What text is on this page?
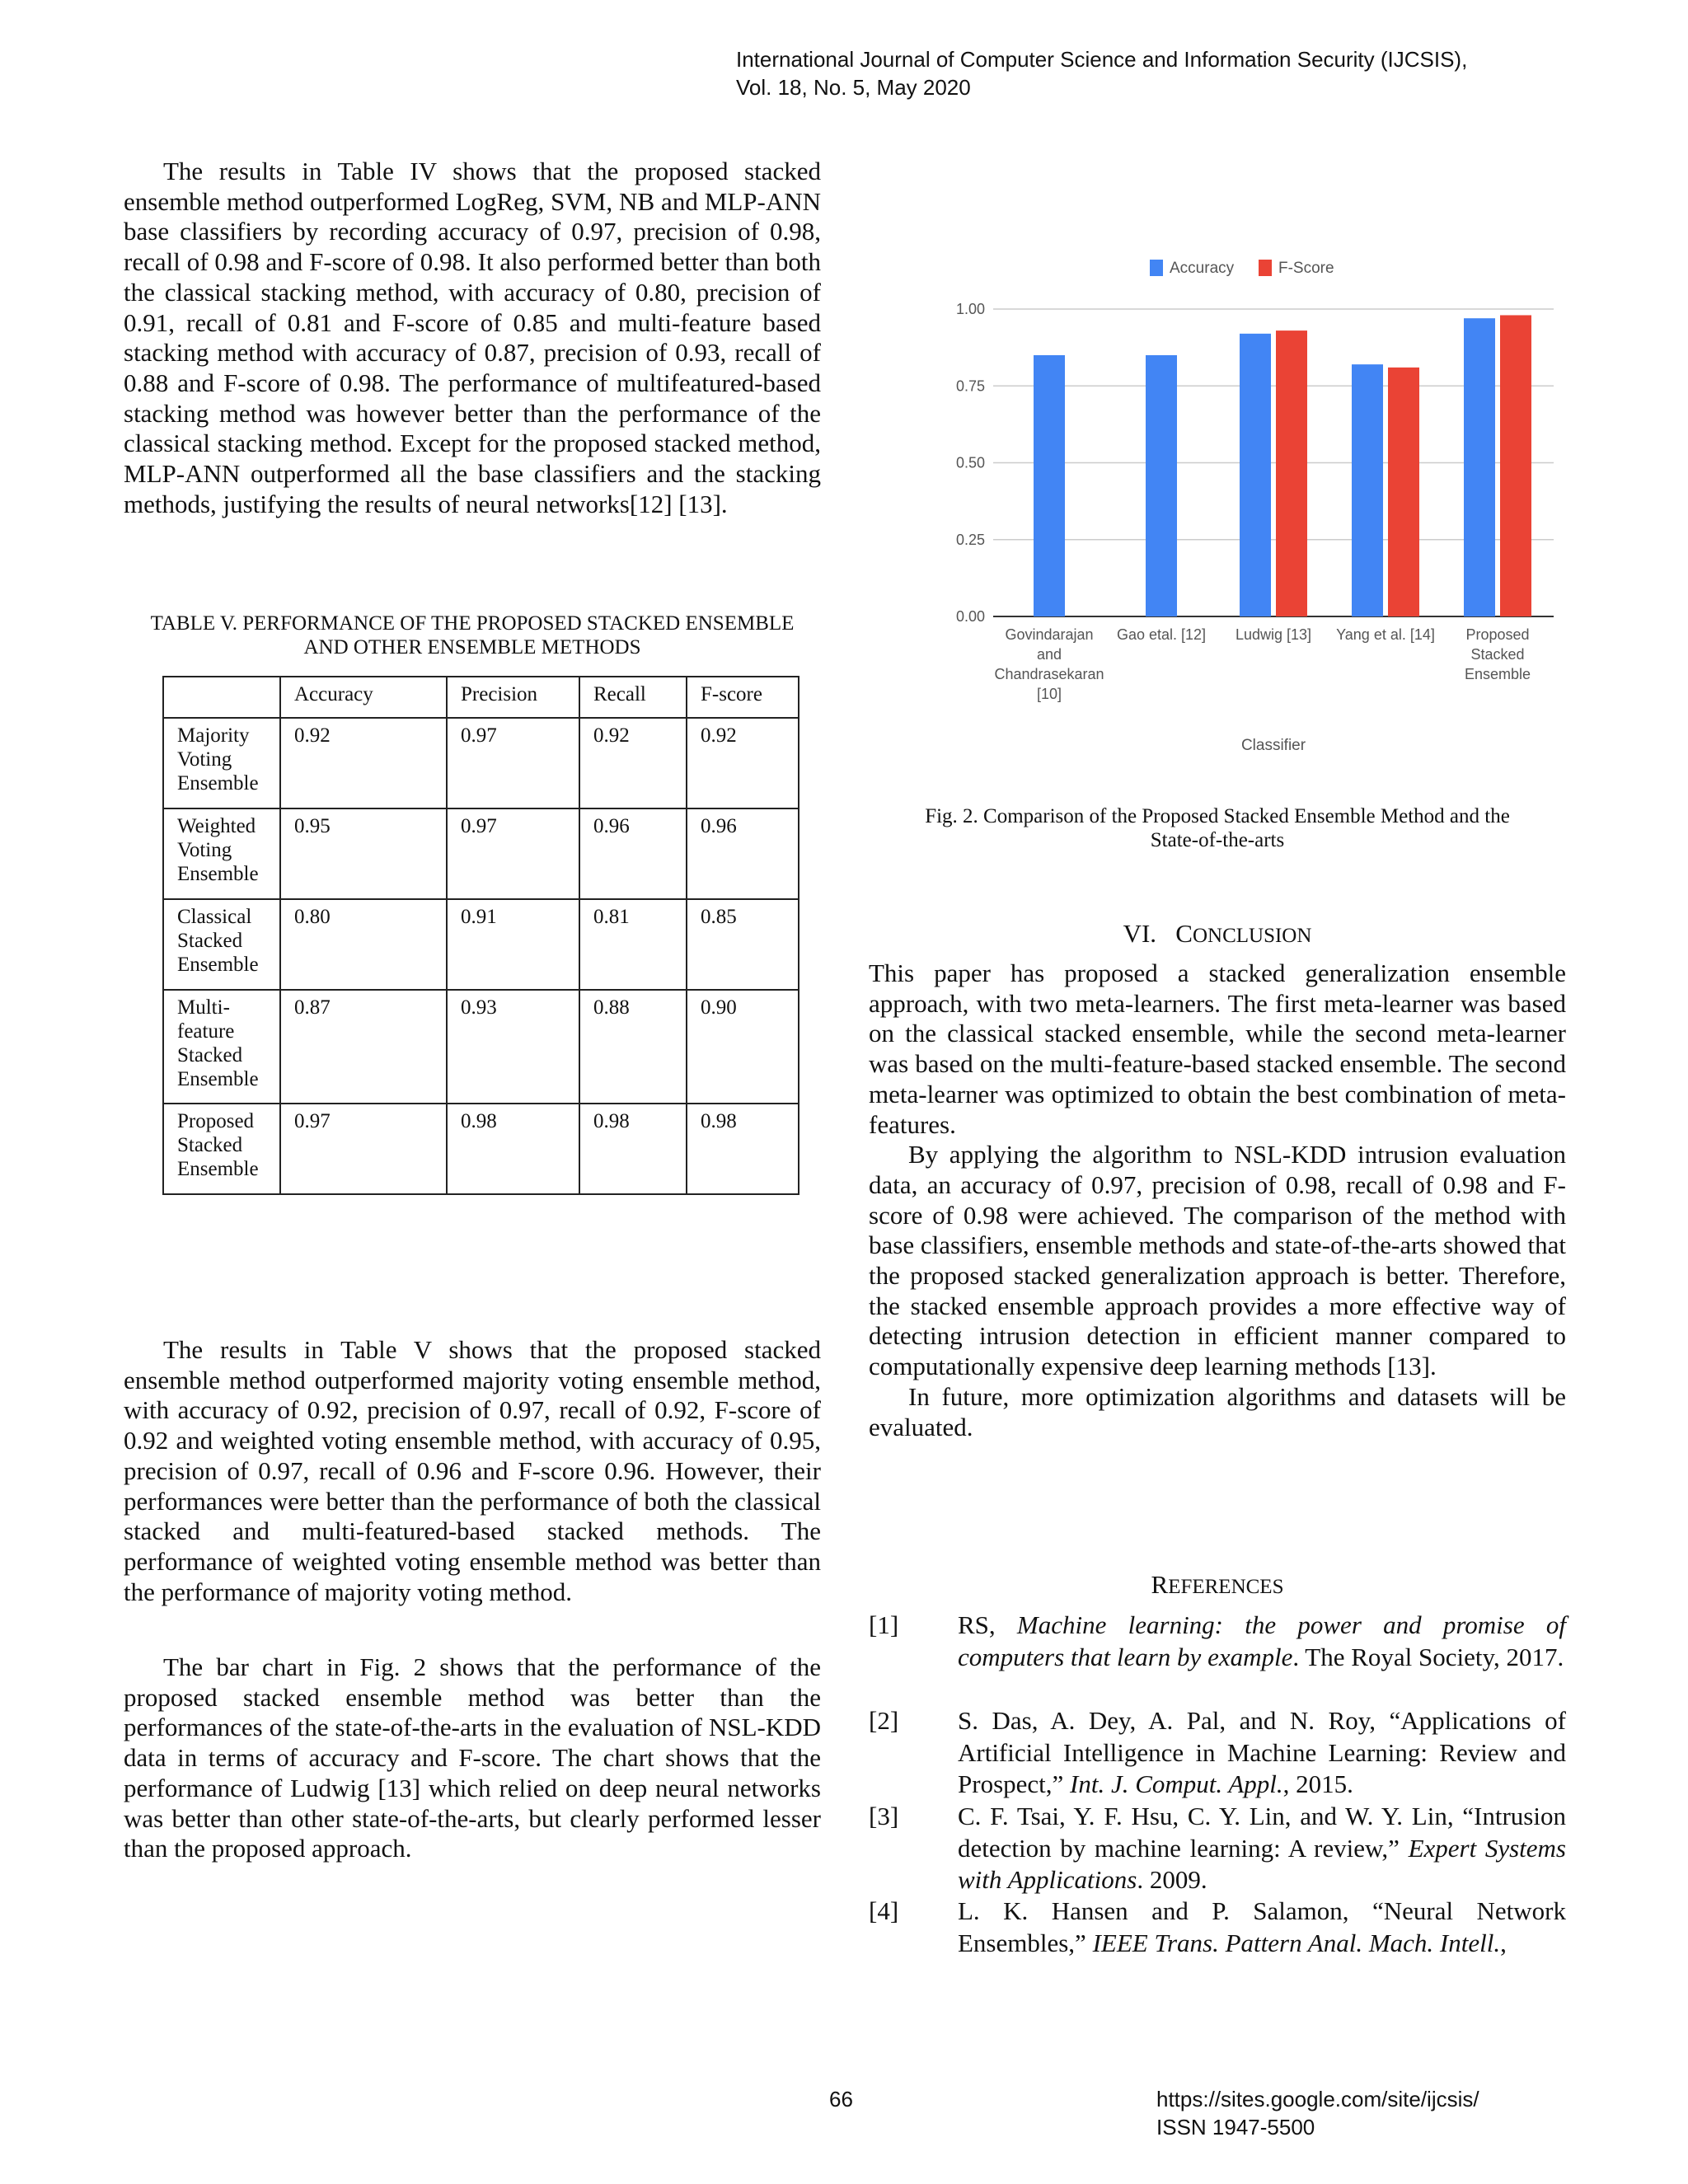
International Journal of Computer Science and Information Security (IJCSIS),
Vol. 18, No. 5, May 2020

The results in Table IV shows that the proposed stacked ensemble method outperformed LogReg, SVM, NB and MLP-ANN base classifiers by recording accuracy of 0.97, precision of 0.98, recall of 0.98 and F-score of 0.98. It also performed better than both the classical stacking method, with accuracy of 0.80, precision of 0.91, recall of 0.81 and F-score of 0.85 and multi-feature based stacking method with accuracy of 0.87, precision of 0.93, recall of 0.88 and F-score of 0.98. The performance of multifeatured-based stacking method was however better than the performance of the classical stacking method. Except for the proposed stacked method, MLP-ANN outperformed all the base classifiers and the stacking methods, justifying the results of neural networks[12] [13].

TABLE V. PERFORMANCE OF THE PROPOSED STACKED ENSEMBLE
AND OTHER ENSEMBLE METHODS
	Accuracy	Precision	Recall	F-score

Majority
Voting
Ensemble	0.92	0.97	0.92	0.92

Weighted
Voting
Ensemble	0.95	0.97	0.96	0.96

Classical
Stacked
Ensemble	0.80	0.91	0.81	0.85

Multi-
feature
Stacked
Ensemble	0.87	0.93	0.88	0.90

Proposed
Stacked
Ensemble	0.97	0.98	0.98	0.98

The results in Table V shows that the proposed stacked ensemble method outperformed majority voting ensemble method, with accuracy of 0.92, precision of 0.97, recall of 0.92, F-score of 0.92 and weighted voting ensemble method, with accuracy of 0.95, precision of 0.97, recall of 0.96 and F-score 0.96. However, their performances were better than the performance of both the classical stacked and multi-featured-based stacked methods. The performance of weighted voting ensemble method was better than the performance of majority voting method.

The bar chart in Fig. 2 shows that the performance of the proposed stacked ensemble method was better than the performances of the state-of-the-arts in the evaluation of NSL-KDD data in terms of accuracy and F-score. The chart shows that the performance of Ludwig [13] which relied on deep neural networks was better than other state-of-the-arts, but clearly performed lesser than the proposed approach.

Accuracy	F-Score
0.00
0.25
0.50
0.75
1.00
Govindarajan
and
Chandrasekaran
[10]
Gao etal. [12] Ludwig [13] Yang et al. [14] Proposed
Stacked
Ensemble
Classifier
Fig. 2. Comparison of the Proposed Stacked Ensemble Method and the
State-of-the-arts
VI. CONCLUSION

This paper has proposed a stacked generalization ensemble approach, with two meta-learners. The first meta-learner was based on the classical stacked ensemble, while the second meta-learner was based on the multi-feature-based stacked ensemble. The second meta-learner was optimized to obtain the best combination of meta-features.

By applying the algorithm to NSL-KDD intrusion evaluation data, an accuracy of 0.97, precision of 0.98, recall of 0.98 and F-score of 0.98 were achieved. The comparison of the method with base classifiers, ensemble methods and state-of-the-arts showed that the proposed stacked generalization approach is better. Therefore, the stacked ensemble approach provides a more effective way of detecting intrusion detection in efficient manner compared to computationally expensive deep learning methods [13].

In future, more optimization algorithms and datasets will be evaluated.

REFERENCES
[1] RS, Machine learning: the power and promise of computers that learn by example. The Royal Society, 2017.
[2] S. Das, A. Dey, A. Pal, and N. Roy, “Applications of Artificial Intelligence in Machine Learning: Review and Prospect,” Int. J. Comput. Appl., 2015.
[3] C. F. Tsai, Y. F. Hsu, C. Y. Lin, and W. Y. Lin, “Intrusion detection by machine learning: A review,” Expert Systems with Applications. 2009.
[4] L. K. Hansen and P. Salamon, “Neural Network Ensembles,” IEEE Trans. Pattern Anal. Mach. Intell.,
66	https://sites.google.com/site/ijcsis/
ISSN 1947-5500
